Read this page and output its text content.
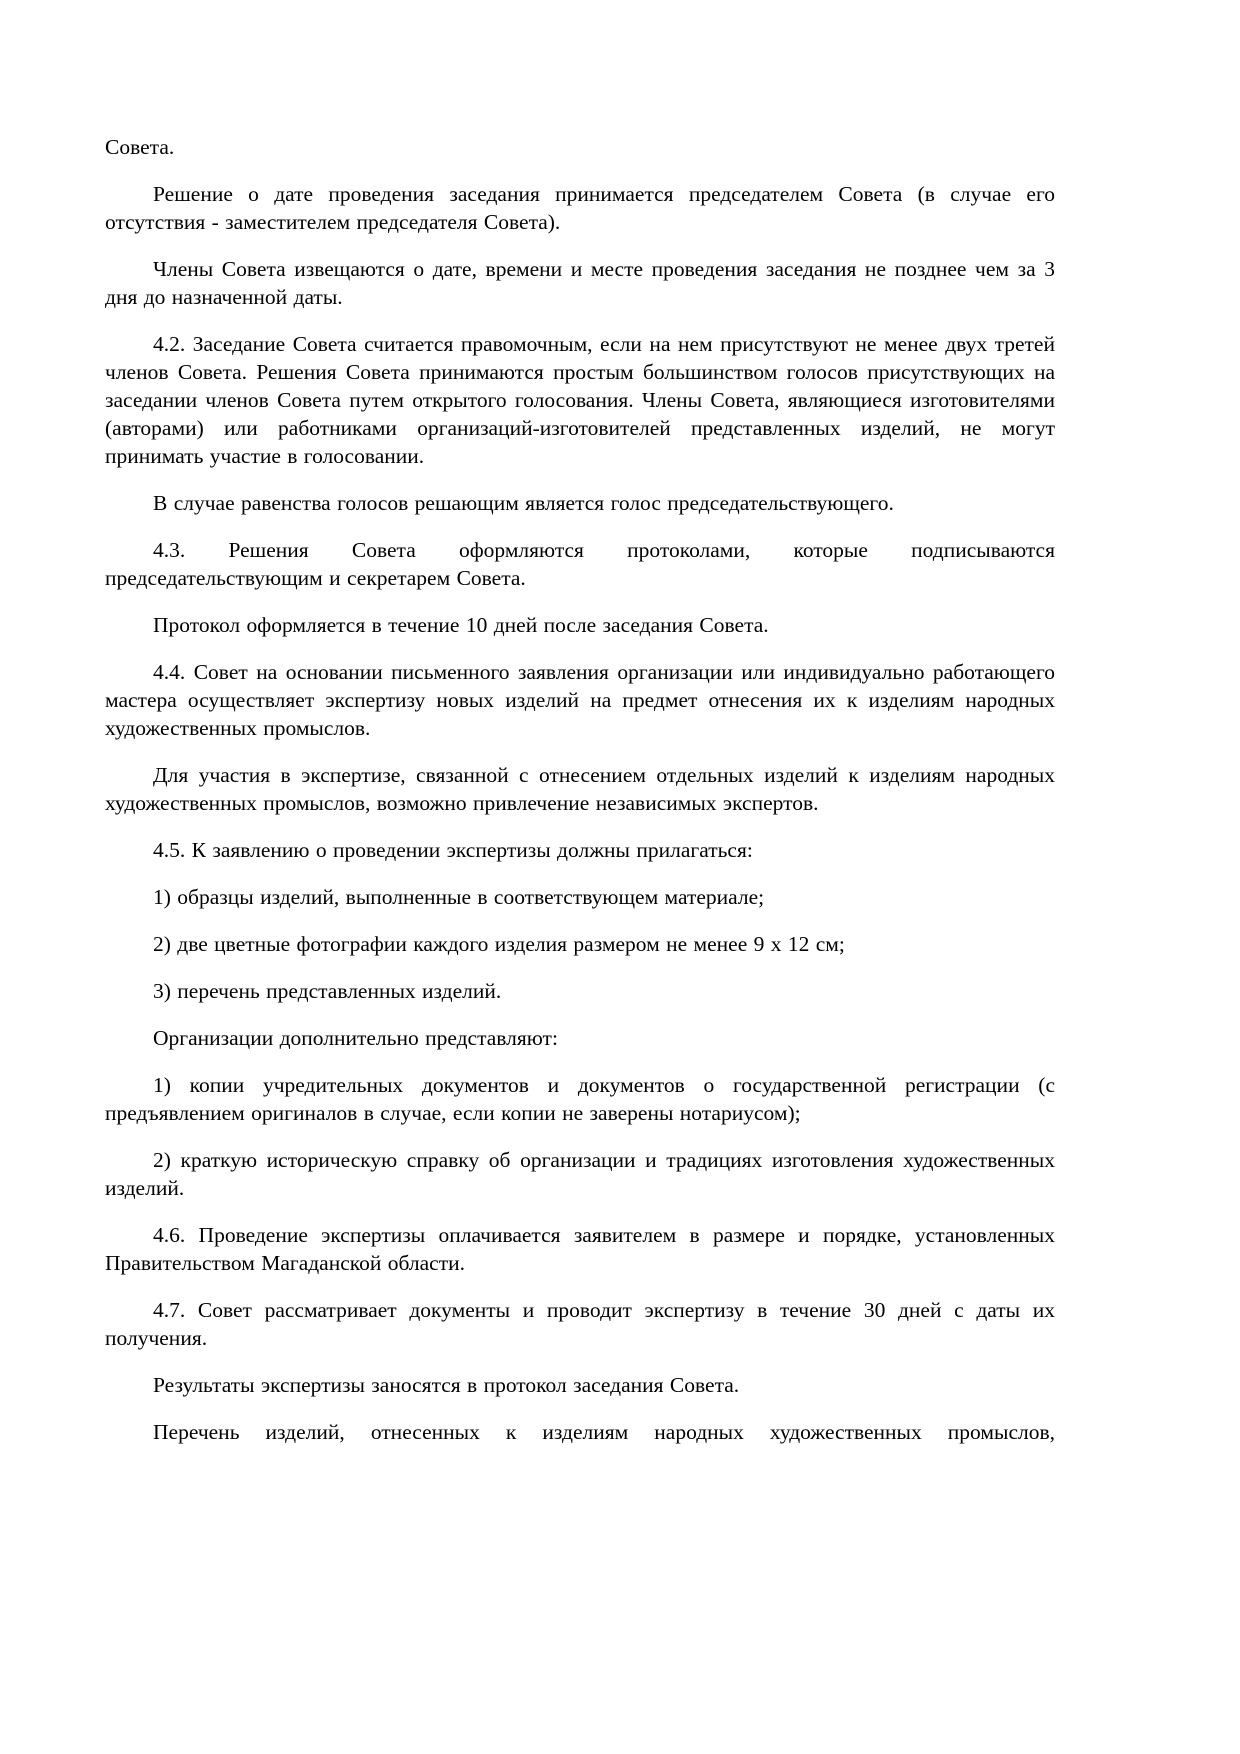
Совета.

Решение о дате проведения заседания принимается председателем Совета (в случае его отсутствия - заместителем председателя Совета).

Члены Совета извещаются о дате, времени и месте проведения заседания не позднее чем за 3 дня до назначенной даты.

4.2. Заседание Совета считается правомочным, если на нем присутствуют не менее двух третей членов Совета. Решения Совета принимаются простым большинством голосов присутствующих на заседании членов Совета путем открытого голосования. Члены Совета, являющиеся изготовителями (авторами) или работниками организаций-изготовителей представленных изделий, не могут принимать участие в голосовании.

В случае равенства голосов решающим является голос председательствующего.

4.3. Решения Совета оформляются протоколами, которые подписываются председательствующим и секретарем Совета.

Протокол оформляется в течение 10 дней после заседания Совета.

4.4. Совет на основании письменного заявления организации или индивидуально работающего мастера осуществляет экспертизу новых изделий на предмет отнесения их к изделиям народных художественных промыслов.

Для участия в экспертизе, связанной с отнесением отдельных изделий к изделиям народных художественных промыслов, возможно привлечение независимых экспертов.

4.5. К заявлению о проведении экспертизы должны прилагаться:

1) образцы изделий, выполненные в соответствующем материале;

2) две цветные фотографии каждого изделия размером не менее 9 х 12 см;

3) перечень представленных изделий.

Организации дополнительно представляют:

1) копии учредительных документов и документов о государственной регистрации (с предъявлением оригиналов в случае, если копии не заверены нотариусом);

2) краткую историческую справку об организации и традициях изготовления художественных изделий.

4.6. Проведение экспертизы оплачивается заявителем в размере и порядке, установленных Правительством Магаданской области.

4.7. Совет рассматривает документы и проводит экспертизу в течение 30 дней с даты их получения.

Результаты экспертизы заносятся в протокол заседания Совета.

Перечень изделий, отнесенных к изделиям народных художественных промыслов,
